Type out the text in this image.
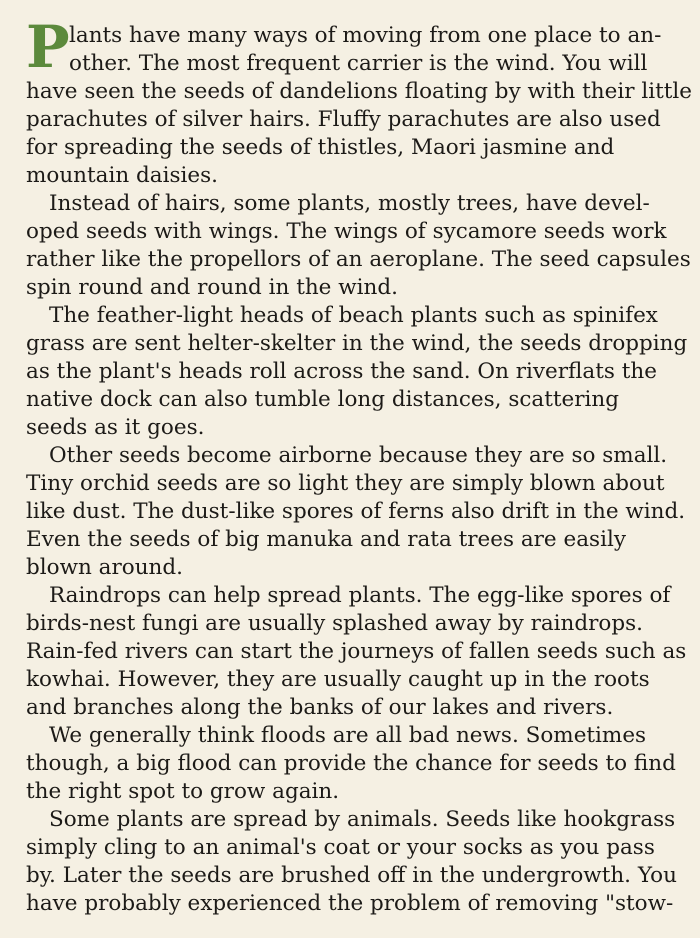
P lants have many ways of moving from one place to an-
other. The most frequent carrier is the wind. You will
have seen the seeds of dandelions floating by with their little
parachutes of silver hairs. Fluffy parachutes are also used
for spreading the seeds of thistles, Maori jasmine and
mountain daisies.
Instead of hairs, some plants, mostly trees, have devel-
oped seeds with wings. The wings of sycamore seeds work
rather like the propellors of an aeroplane. The seed capsules
spin round and round in the wind.
The feather-light heads of beach plants such as spinifex
grass are sent helter-skelter in the wind, the seeds dropping
as the plant's heads roll across the sand. On riverflats the
native dock can also tumble long distances, scattering
seeds as it goes.
Other seeds become airborne because they are so small.
Tiny orchid seeds are so light they are simply blown about
like dust. The dust-like spores of ferns also drift in the wind.
Even the seeds of big manuka and rata trees are easily
blown around.
Raindrops can help spread plants. The egg-like spores of
birds-nest fungi are usually splashed away by raindrops.
Rain-fed rivers can start the journeys of fallen seeds such as
kowhai. However, they are usually caught up in the roots
and branches along the banks of our lakes and rivers.
We generally think floods are all bad news. Sometimes
though, a big flood can provide the chance for seeds to find
the right spot to grow again.
Some plants are spread by animals. Seeds like hookgrass
simply cling to an animal's coat or your socks as you pass
by. Later the seeds are brushed off in the undergrowth. You
have probably experienced the problem of removing "stow-
